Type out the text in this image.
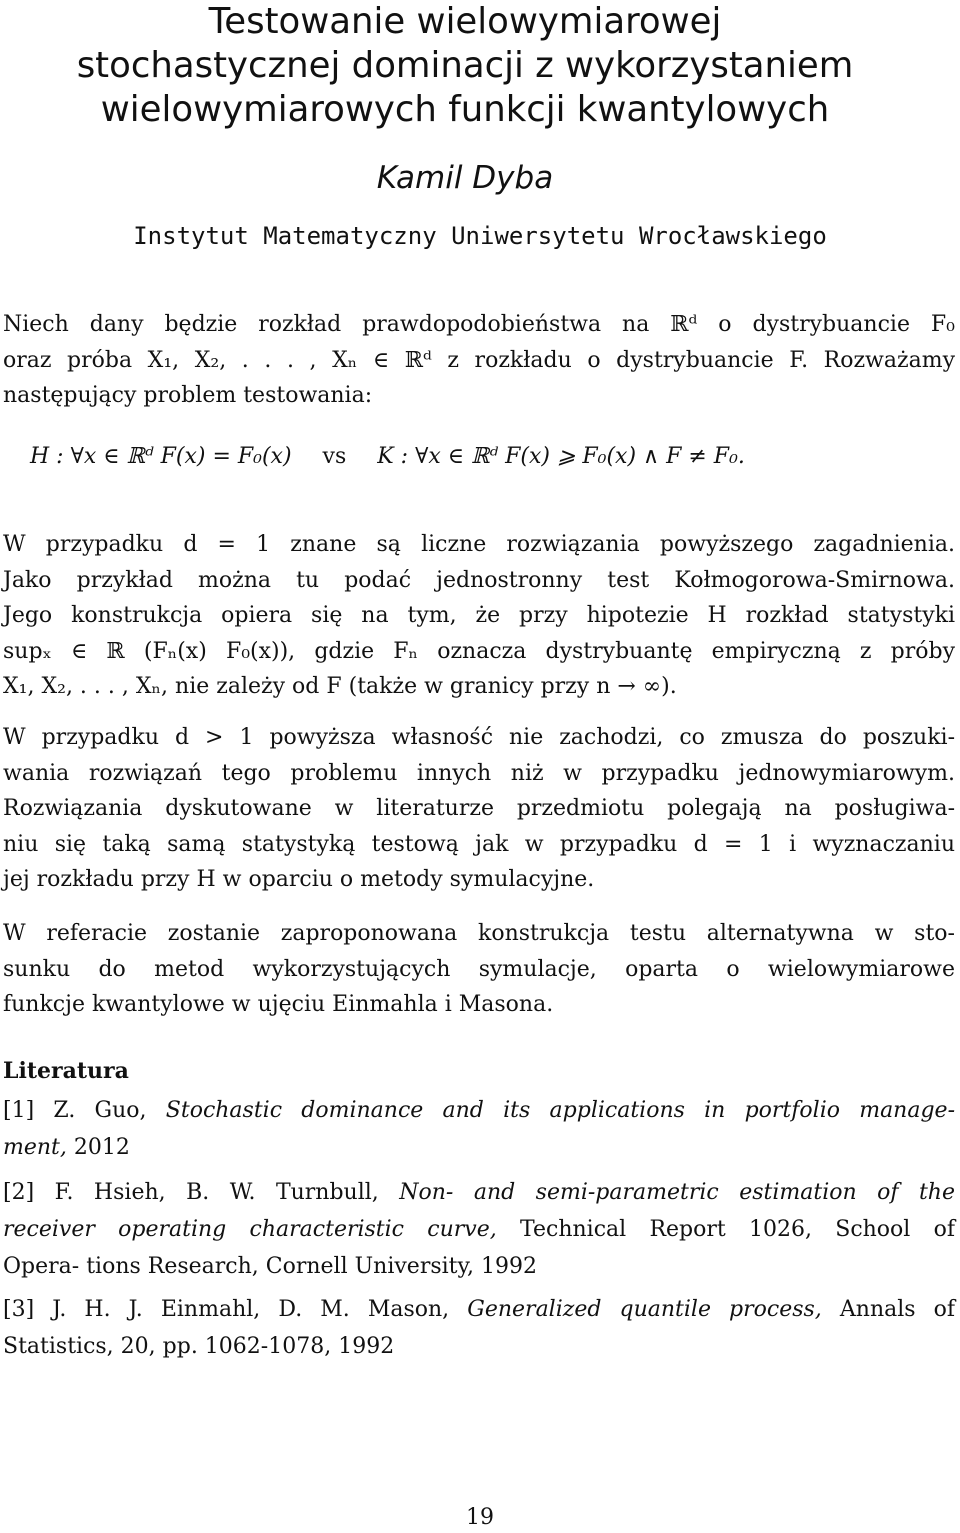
Testowanie wielowymiarowej
stochastycznej dominacji z wykorzystaniem
wielowymiarowych funkcji kwantylowych
Kamil Dyba
Instytut Matematyczny Uniwersytetu Wrocławskiego
Niech dany będzie rozkład prawdopodobieństwa na ℝᵈ o dystrybuancie F₀
oraz próba X₁, X₂, . . . , Xₙ ∈ ℝᵈ z rozkładu o dystrybuancie F. Rozważamy
następujący problem testowania:
H : ∀x ∈ ℝᵈ F(x) = F₀(x) vs K : ∀x ∈ ℝᵈ F(x) ⩾ F₀(x) ∧ F ≠ F₀.
W przypadku d = 1 znane są liczne rozwiązania powyższego zagadnienia.
Jako przykład można tu podać jednostronny test Kołmogorowa-Smirnowa.
Jego konstrukcja opiera się na tym, że przy hipotezie H rozkład statystyki
supₓ ∈ ℝ (Fₙ(x) F₀(x)), gdzie Fₙ oznacza dystrybuantę empiryczną z próby
X₁, X₂, . . . , Xₙ, nie zależy od F (także w granicy przy n → ∞).
W przypadku d > 1 powyższa własność nie zachodzi, co zmusza do poszuki-
wania rozwiązań tego problemu innych niż w przypadku jednowymiarowym.
Rozwiązania dyskutowane w literaturze przedmiotu polegają na posługiwa-
niu się taką samą statystyką testową jak w przypadku d = 1 i wyznaczaniu
jej rozkładu przy H w oparciu o metody symulacyjne.
W referacie zostanie zaproponowana konstrukcja testu alternatywna w sto-
sunku do metod wykorzystujących symulacje, oparta o wielowymiarowe
funkcje kwantylowe w ujęciu Einmahla i Masona.
Literatura
[1] Z. Guo, Stochastic dominance and its applications in portfolio manage-
ment, 2012
[2] F. Hsieh, B. W. Turnbull, Non- and semi-parametric estimation of the
receiver operating characteristic curve, Technical Report 1026, School of
Opera- tions Research, Cornell University, 1992
[3] J. H. J. Einmahl, D. M. Mason, Generalized quantile process, Annals of
Statistics, 20, pp. 1062-1078, 1992
19
